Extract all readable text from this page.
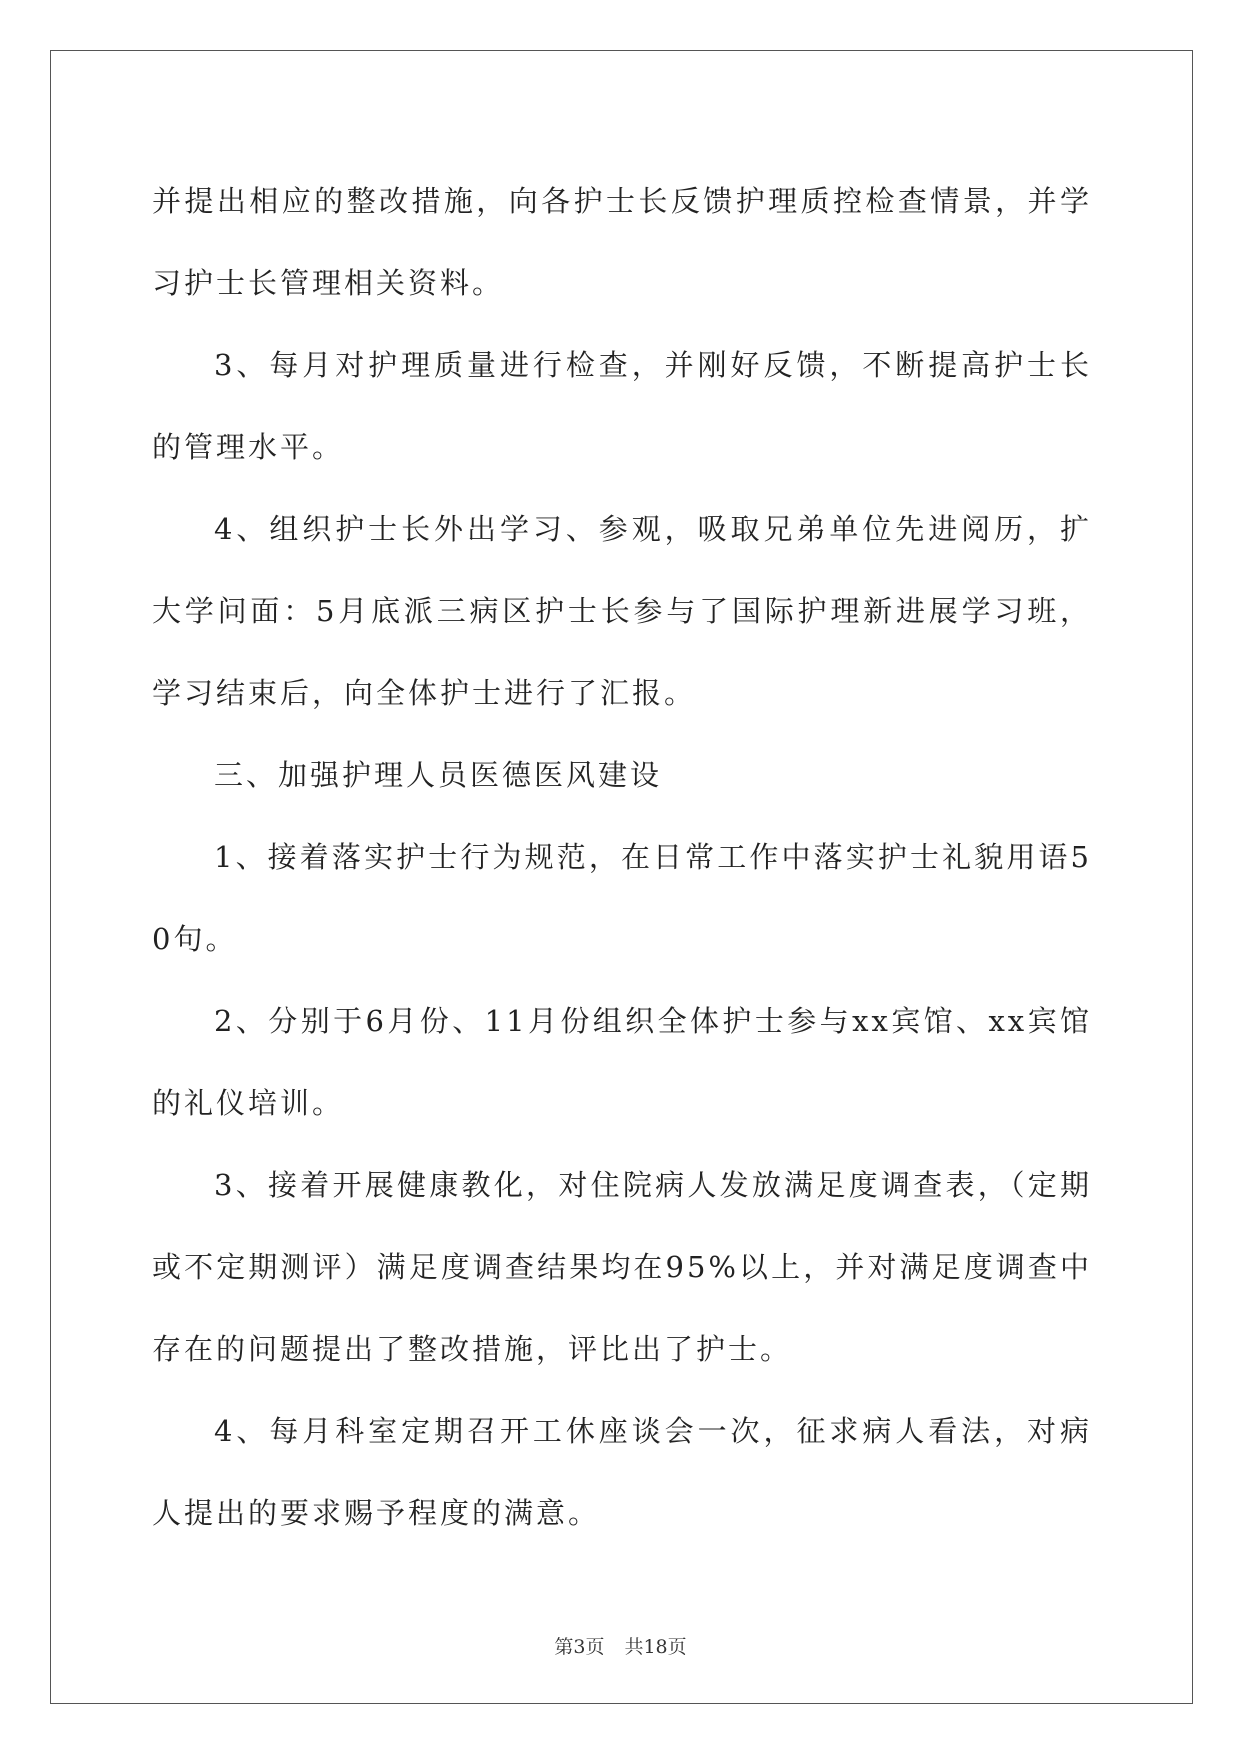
并提出相应的整改措施，向各护士长反馈护理质控检查情景，并学习护士长管理相关资料。

3、每月对护理质量进行检查，并刚好反馈，不断提高护士长的管理水平。

4、组织护士长外出学习、参观，吸取兄弟单位先进阅历，扩大学问面：5月底派三病区护士长参与了国际护理新进展学习班，学习结束后，向全体护士进行了汇报。

三、加强护理人员医德医风建设

1、接着落实护士行为规范，在日常工作中落实护士礼貌用语50句。

2、分别于6月份、11月份组织全体护士参与xx宾馆、xx宾馆的礼仪培训。

3、接着开展健康教化，对住院病人发放满足度调查表，（定期或不定期测评）满足度调查结果均在95%以上，并对满足度调查中存在的问题提出了整改措施，评比出了护士。

4、每月科室定期召开工休座谈会一次，征求病人看法，对病人提出的要求赐予程度的满意。

第3页 共18页
